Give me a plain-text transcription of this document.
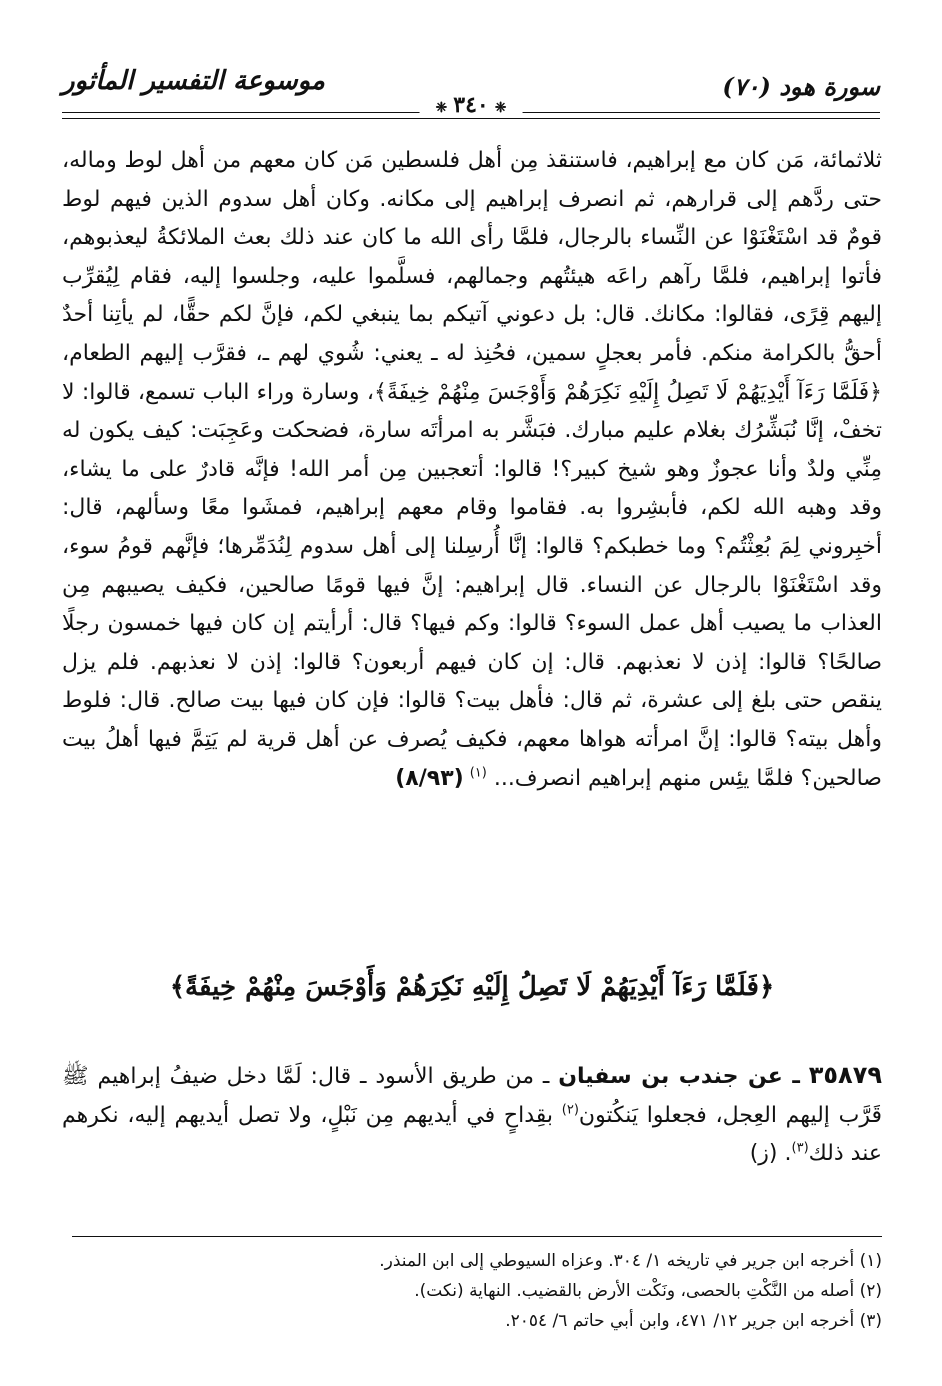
سورة هود (٧٠)
موسوعة التفسير المأثور
❈٣٤٠❈

ثلاثمائة، مَن كان مع إبراهيم، فاستنقذ مِن أهل فلسطين مَن كان معهم من أهل لوط وماله، حتى ردَّهم إلى قرارهم، ثم انصرف إبراهيم إلى مكانه. وكان أهل سدوم الذين فيهم لوط قومٌ قد اسْتَغْنَوْا عن النِّساء بالرجال، فلمَّا رأى الله ما كان عند ذلك بعث الملائكةُ ليعذبوهم، فأتوا إبراهيم، فلمَّا رآهم راعَه هيئتُهم وجمالهم، فسلَّموا عليه، وجلسوا إليه، فقام لِيُقرِّب إليهم قِرًى، فقالوا: مكانك. قال: بل دعوني آتيكم بما ينبغي لكم، فإنَّ لكم حقًّا، لم يأتِنا أحدٌ أحقُّ بالكرامة منكم. فأمر بعجلٍ سمين، فحُنِذ له ـ يعني: شُوي لهم ـ، فقرَّب إليهم الطعام، ﴿فَلَمَّا رَءَآ أَيْدِيَهُمْ لَا تَصِلُ إِلَيْهِ نَكِرَهُمْ وَأَوْجَسَ مِنْهُمْ خِيفَةً﴾، وسارة وراء الباب تسمع، قالوا: لا تخفْ، إنَّا نُبَشِّرُك بغلام عليم مبارك. فبَشَّر به امرأتَه سارة، فضحكت وعَجِبَت: كيف يكون له مِنِّي ولدٌ وأنا عجوزٌ وهو شيخ كبير؟! قالوا: أتعجبين مِن أمر الله! فإنَّه قادرٌ على ما يشاء، وقد وهبه الله لكم، فأبشِروا به. فقاموا وقام معهم إبراهيم، فمشَوا معًا وسألهم، قال: أخبِروني لِمَ بُعِثْتُم؟ وما خطبكم؟ قالوا: إنَّا أُرسِلنا إلى أهل سدوم لِنُدَمِّرها؛ فإنَّهم قومُ سوء، وقد اسْتَغْنَوْا بالرجال عن النساء. قال إبراهيم: إنَّ فيها قومًا صالحين، فكيف يصيبهم مِن العذاب ما يصيب أهل عمل السوء؟ قالوا: وكم فيها؟ قال: أرأيتم إن كان فيها خمسون رجلًا صالحًا؟ قالوا: إذن لا نعذبهم. قال: إن كان فيهم أربعون؟ قالوا: إذن لا نعذبهم. فلم يزل ينقص حتى بلغ إلى عشرة، ثم قال: فأهل بيت؟ قالوا: فإن كان فيها بيت صالح. قال: فلوط وأهل بيته؟ قالوا: إنَّ امرأته هواها معهم، فكيف يُصرف عن أهل قرية لم يَتِمَّ فيها أهلُ بيت صالحين؟ فلمَّا يئِس منهم إبراهيم انصرف... $^{(١)}$(٨/٩٣)

﴿فَلَمَّا رَءَآ أَيْدِيَهُمْ لَا تَصِلُ إِلَيْهِ نَكِرَهُمْ وَأَوْجَسَ مِنْهُمْ خِيفَةً﴾

٣٥٨٧٩ ـ عن جندب بن سفيان ـ من طريق الأسود ـ قال: لَمَّا دخل ضيفُ إبراهيم ﷺ قَرَّب إليهم العِجل، فجعلوا يَنكُتون$^{(٢)}$ بقِداحٍ في أيديهم مِن نَبْلٍ، ولا تصل أيديهم إليه، نكرهم عند ذلك$^{(٣)}$. (ز)

(١) أخرجه ابن جرير في تاريخه ١/ ٣٠٤. وعزاه السيوطي إلى ابن المنذر.

(٢) أصله من النَّكْتِ بالحصى، ونَكْت الأرض بالقضيب. النهاية (نكت).

(٣) أخرجه ابن جرير ١٢/ ٤٧١، وابن أبي حاتم ٦/ ٢٠٥٤.
